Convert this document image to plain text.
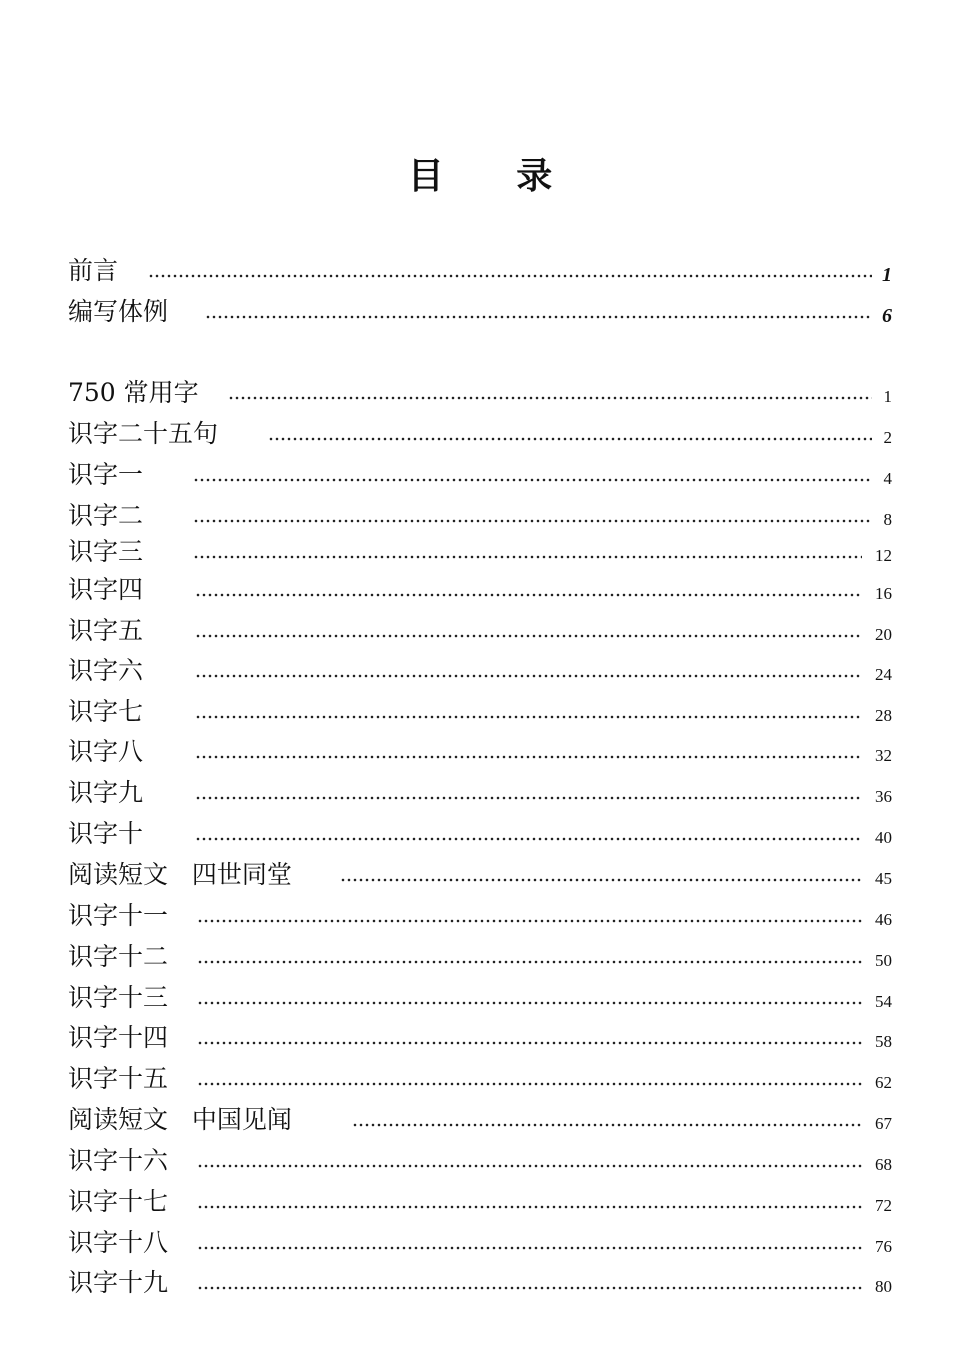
目 录
前言	1
编写体例	6
750 常用字	1
识字二十五句	2
识字一	4
识字二	8
识字三	12
识字四	16
识字五	20
识字六	24
识字七	28
识字八	32
识字九	36
识字十	40
阅读短文   四世同堂	45
识字十一	46
识字十二	50
识字十三	54
识字十四	58
识字十五	62
阅读短文   中国见闻	67
识字十六	68
识字十七	72
识字十八	76
识字十九	80
